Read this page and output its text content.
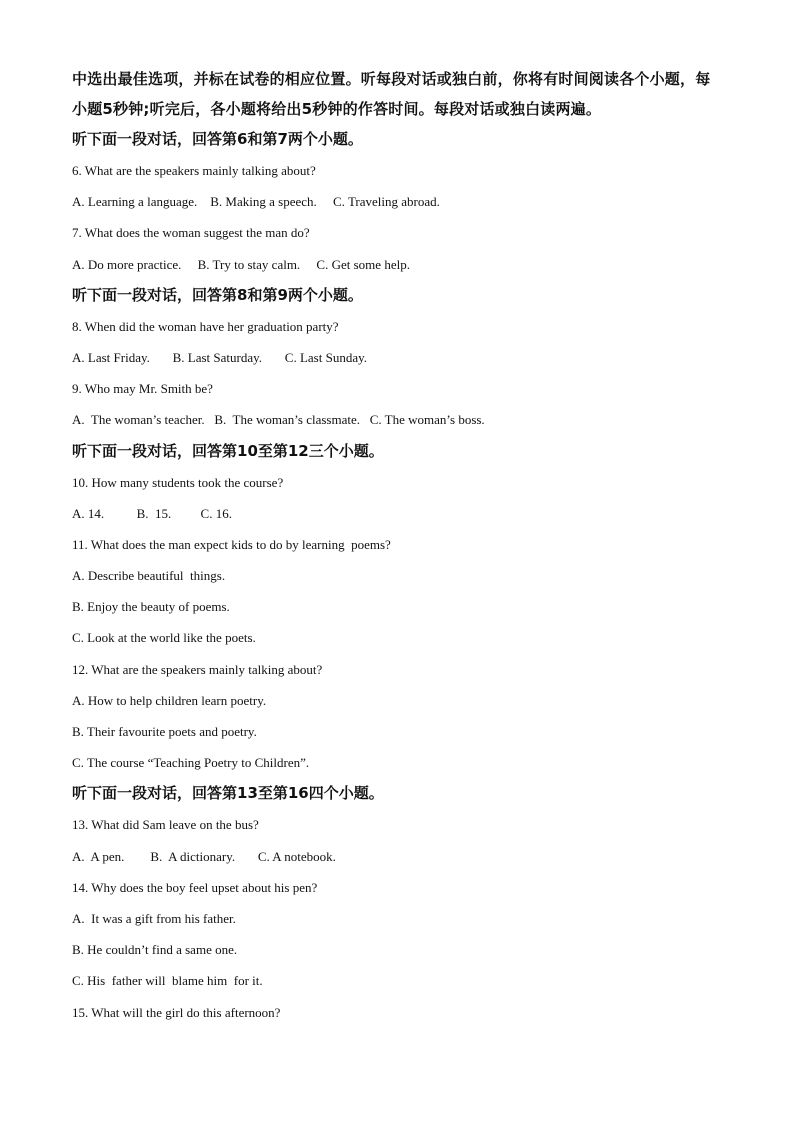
中选出最佳选项，并标在试卷的相应位置。听每段对话或独白前，你将有时间阅读各个小题，每小题5秒钟;听完后，各小题将给出5秒钟的作答时间。每段对话或独白读两遍。

听下面一段对话，回答第6和第7两个小题。

6. What are the speakers mainly talking about?

A. Learning a language.    B. Making a speech.     C. Traveling abroad.

7. What does the woman suggest the man do?

A. Do more practice.     B. Try to stay calm.     C. Get some help.

听下面一段对话，回答第8和第9两个小题。

8. When did the woman have her graduation party?

A. Last Friday.       B. Last Saturday.       C. Last Sunday.

9. Who may Mr. Smith be?

A.  The woman’s teacher.   B.  The woman’s classmate.   C. The woman’s boss.

听下面一段对话，回答第10至第12三个小题。

10. How many students took the course?

A. 14.          B.  15.         C. 16.

11. What does the man expect kids to do by learning  poems?

A. Describe beautiful  things.

B. Enjoy the beauty of poems.

C. Look at the world like the poets.

12. What are the speakers mainly talking about?

A. How to help children learn poetry.

B. Their favourite poets and poetry.

C. The course “Teaching Poetry to Children”.

听下面一段对话，回答第13至第16四个小题。

13. What did Sam leave on the bus?

A.  A pen.        B.  A dictionary.       C. A notebook.

14. Why does the boy feel upset about his pen?

A.  It was a gift from his father.

B. He couldn’t find a same one.

C. His  father will  blame him  for it.

15. What will the girl do this afternoon?
